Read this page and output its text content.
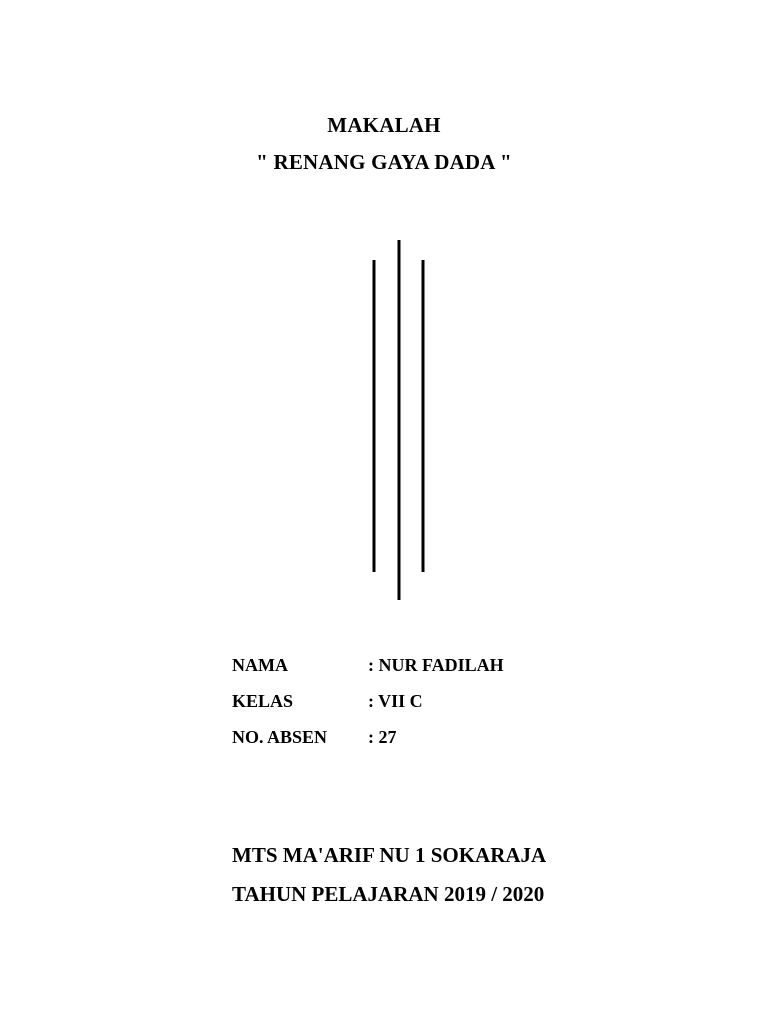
MAKALAH
" RENANG GAYA DADA "
NAMA	: NUR FADILAH
KELAS	: VII C
NO. ABSEN	: 27
MTS MA'ARIF NU 1 SOKARAJA
TAHUN PELAJARAN 2019 / 2020
